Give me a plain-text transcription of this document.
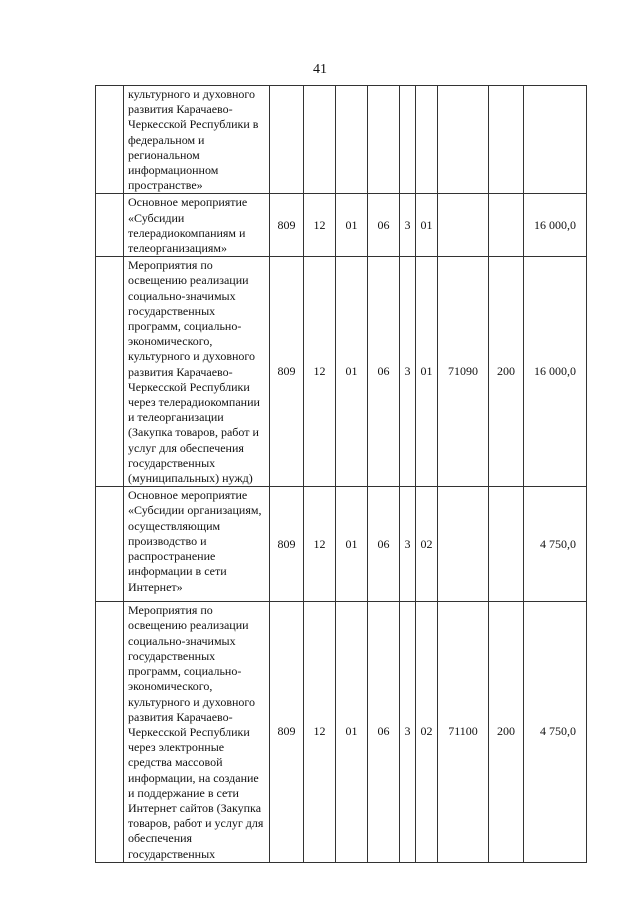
41
	культурного и духовного развития Карачаево-Черкесской Республики в федеральном и региональном информационном пространстве»									
	Основное мероприятие «Субсидии телерадиокомпаниям и телеорганизациям»	809	12	01	06	3	01			16 000,0
	Мероприятия по освещению реализации социально-значимых государственных программ, социально-экономического, культурного и духовного развития Карачаево-Черкесской Республики через телерадиокомпании и телеорганизации (Закупка товаров, работ и услуг для обеспечения государственных (муниципальных) нужд)	809	12	01	06	3	01	71090	200	16 000,0
	Основное мероприятие «Субсидии организациям, осуществляющим производство и распространение информации в сети Интернет»	809	12	01	06	3	02			4 750,0
	Мероприятия по освещению реализации социально-значимых государственных программ, социально-экономического, культурного и духовного развития Карачаево-Черкесской Республики через электронные средства массовой информации, на создание и поддержание в сети Интернет сайтов (Закупка товаров, работ и услуг для обеспечения государственных	809	12	01	06	3	02	71100	200	4 750,0
